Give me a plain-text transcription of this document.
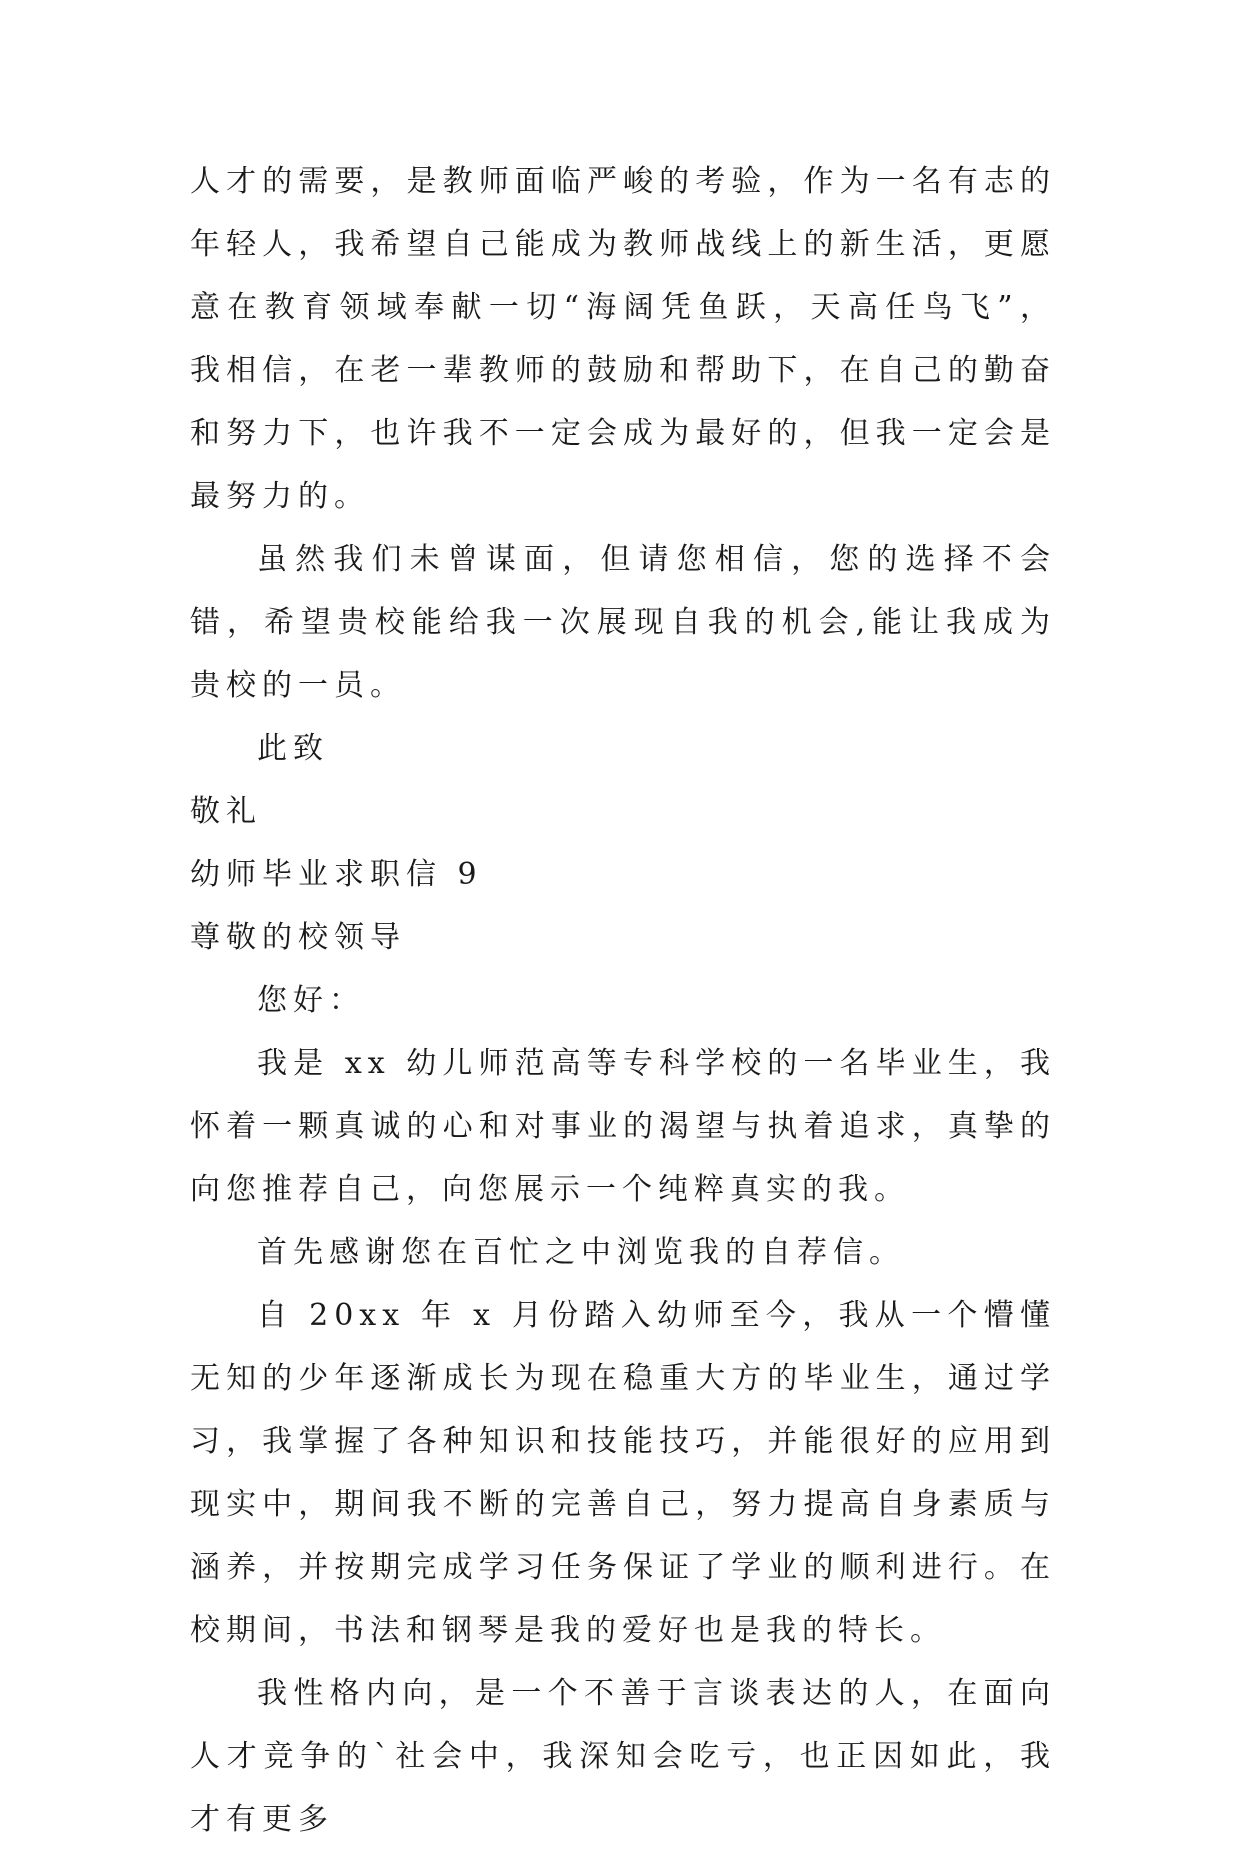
人才的需要，是教师面临严峻的考验，作为一名有志的年轻人，我希望自己能成为教师战线上的新生活，更愿意在教育领域奉献一切“海阔凭鱼跃，天高任鸟飞”，我相信，在老一辈教师的鼓励和帮助下，在自己的勤奋和努力下，也许我不一定会成为最好的，但我一定会是最努力的。

虽然我们未曾谋面，但请您相信，您的选择不会错，希望贵校能给我一次展现自我的机会,能让我成为贵校的一员。

此致

敬礼

幼师毕业求职信 9

尊敬的校领导

您好：

我是 xx 幼儿师范高等专科学校的一名毕业生，我怀着一颗真诚的心和对事业的渴望与执着追求，真挚的向您推荐自己，向您展示一个纯粹真实的我。

首先感谢您在百忙之中浏览我的自荐信。

自 20xx 年 x 月份踏入幼师至今，我从一个懵懂无知的少年逐渐成长为现在稳重大方的毕业生，通过学习，我掌握了各种知识和技能技巧，并能很好的应用到现实中，期间我不断的完善自己，努力提高自身素质与涵养，并按期完成学习任务保证了学业的顺利进行。在校期间，书法和钢琴是我的爱好也是我的特长。

我性格内向，是一个不善于言谈表达的人，在面向人才竞争的`社会中，我深知会吃亏，也正因如此，我才有更多
